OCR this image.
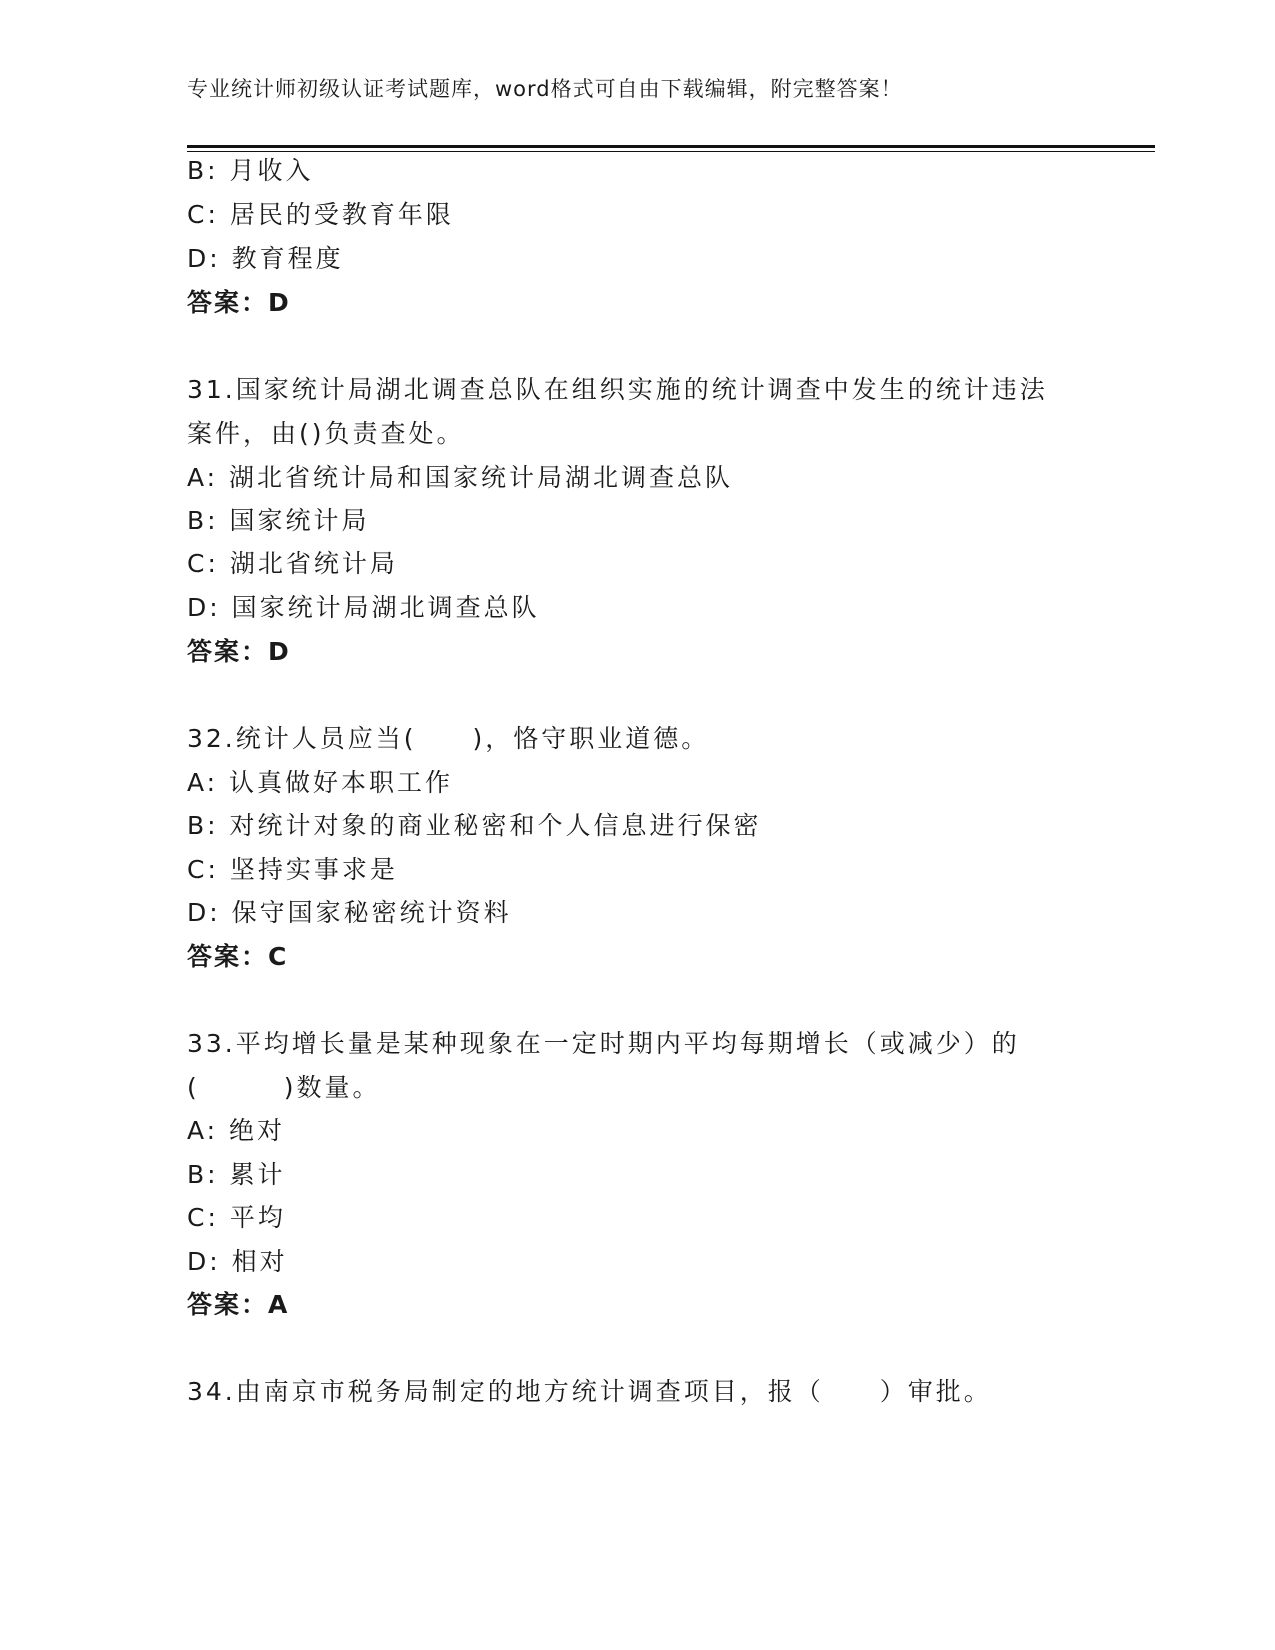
专业统计师初级认证考试题库，word格式可自由下载编辑，附完整答案！
B: 月收入
C: 居民的受教育年限
D: 教育程度
答案：D
31.国家统计局湖北调查总队在组织实施的统计调查中发生的统计违法
案件，由()负责查处。
A: 湖北省统计局和国家统计局湖北调查总队
B: 国家统计局
C: 湖北省统计局
D: 国家统计局湖北调查总队
答案：D
32.统计人员应当(　　)，恪守职业道德。
A: 认真做好本职工作
B: 对统计对象的商业秘密和个人信息进行保密
C: 坚持实事求是
D: 保守国家秘密统计资料
答案：C
33.平均增长量是某种现象在一定时期内平均每期增长（或减少）的
(　　　)数量。
A: 绝对
B: 累计
C: 平均
D: 相对
答案：A
34.由南京市税务局制定的地方统计调查项目，报（　　）审批。
